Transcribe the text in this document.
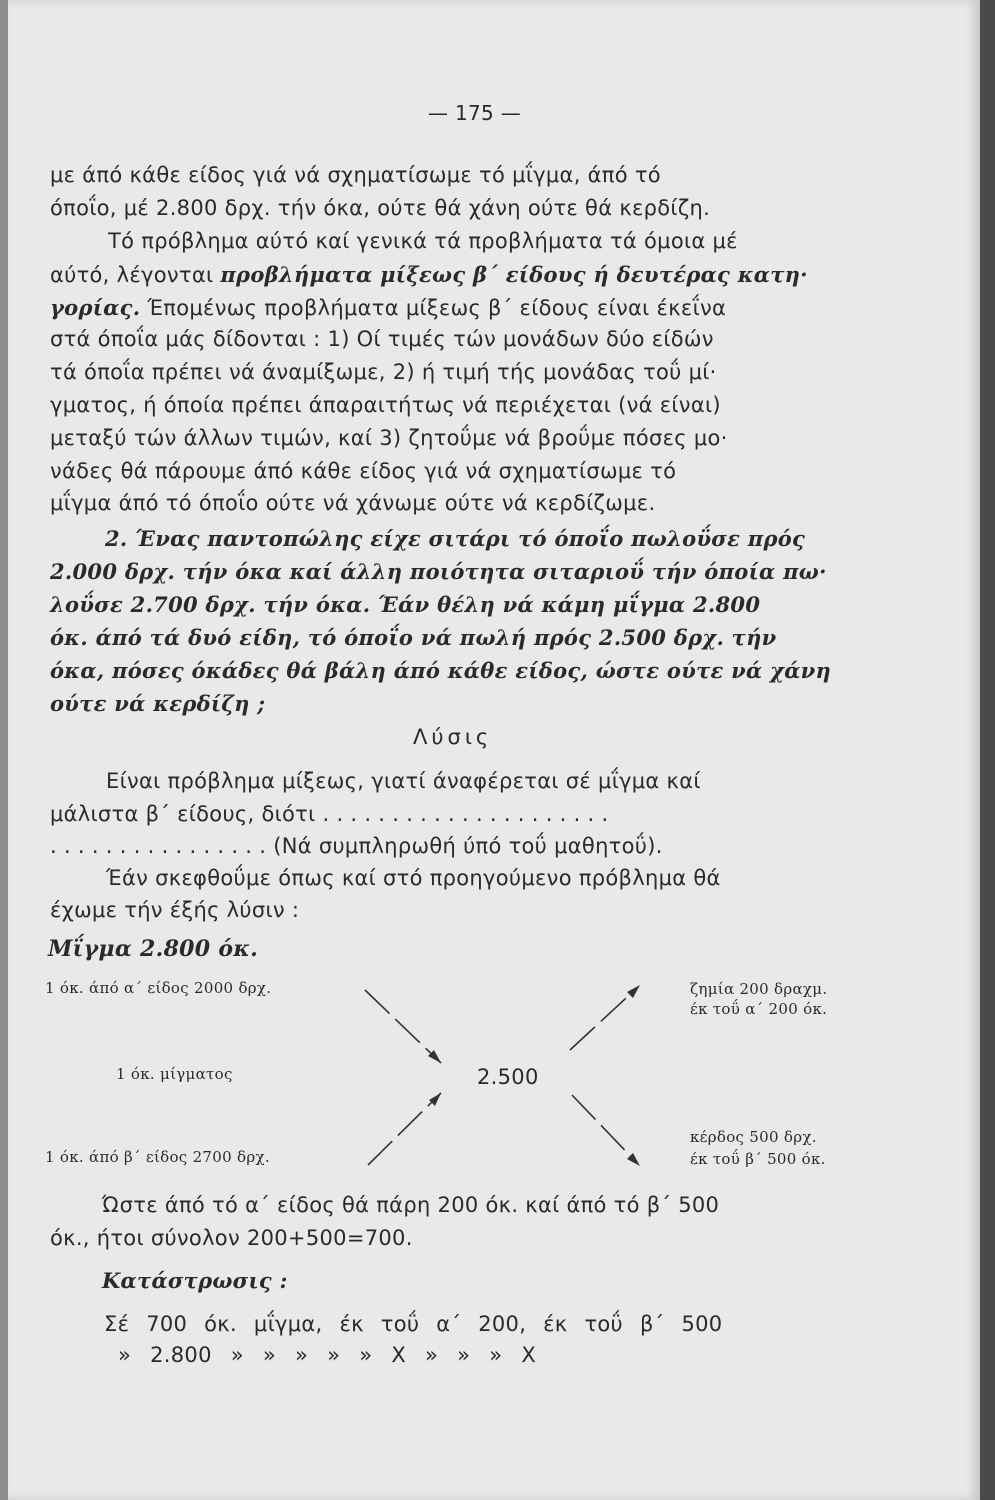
— 175 —
με άπό κάθε είδος γιά νά σχηματίσωμε τό μΐγμα, άπό τό
όποΐο, μέ 2.800 δρχ. τήν όκα, ούτε θά χάνη ούτε θά κερδίζη.
Τό πρόβλημα αύτό καί γενικά τά προβλήματα τά όμοια μέ
αύτό, λέγονται προβλήματα μίξεως β΄ είδους ή δευτέρας κατη·
γορίας. Έπομένως προβλήματα μίξεως β΄ είδους είναι έκεΐνα
στά όποΐα μάς δίδονται : 1) Οί τιμές τών μονάδων δύο είδών
τά όποΐα πρέπει νά άναμίξωμε, 2) ή τιμή τής μονάδας τοΰ μί·
γματος, ή όποία πρέπει άπαραιτήτως νά περιέχεται (νά είναι)
μεταξύ τών άλλων τιμών, καί 3) ζητοΰμε νά βροΰμε πόσες μο·
νάδες θά πάρουμε άπό κάθε είδος γιά νά σχηματίσωμε τό
μΐγμα άπό τό όποΐο ούτε νά χάνωμε ούτε νά κερδίζωμε.
2. Ένας παντοπώλης είχε σιτάρι τό όποΐο πωλοΰσε πρός
2.000 δρχ. τήν όκα καί άλλη ποιότητα σιταριοΰ τήν όποία πω·
λοΰσε 2.700 δρχ. τήν όκα. Έάν θέλη νά κάμη μΐγμα 2.800
όκ. άπό τά δυό είδη, τό όποΐο νά πωλή πρός 2.500 δρχ. τήν
όκα, πόσες όκάδες θά βάλη άπό κάθε είδος, ώστε ούτε νά χάνη
ούτε νά κερδίζη ;
Λύσις
Είναι πρόβλημα μίξεως, γιατί άναφέρεται σέ μΐγμα καί
μάλιστα β΄ είδους, διότι . . . . . . . . . . . . . . . . . . . . .
. . . . . . . . . . . . . . . . (Νά συμπληρωθή ύπό τοΰ μαθητοΰ).
Έάν σκεφθοΰμε όπως καί στό προηγούμενο πρόβλημα θά
έχωμε τήν έξής λύσιν :
Μΐγμα 2.800 όκ.
1 όκ. άπό α΄ είδος 2000 δρχ.
1 όκ. μίγματος
1 όκ. άπό β΄ είδος 2700 δρχ.
2.500
ζημία 200 δραχμ.
έκ τοΰ α΄ 200 όκ.
κέρδος 500 δρχ.
έκ τοΰ β΄ 500 όκ.
Ώστε άπό τό α΄ είδος θά πάρη 200 όκ. καί άπό τό β΄ 500
όκ., ήτοι σύνολον 200+500=700.
Κατάστρωσις :
Σέ 700 όκ. μΐγμα, έκ τοΰ α΄ 200, έκ τοΰ β΄ 500
» 2.800 » » » » » Χ » » » Χ
